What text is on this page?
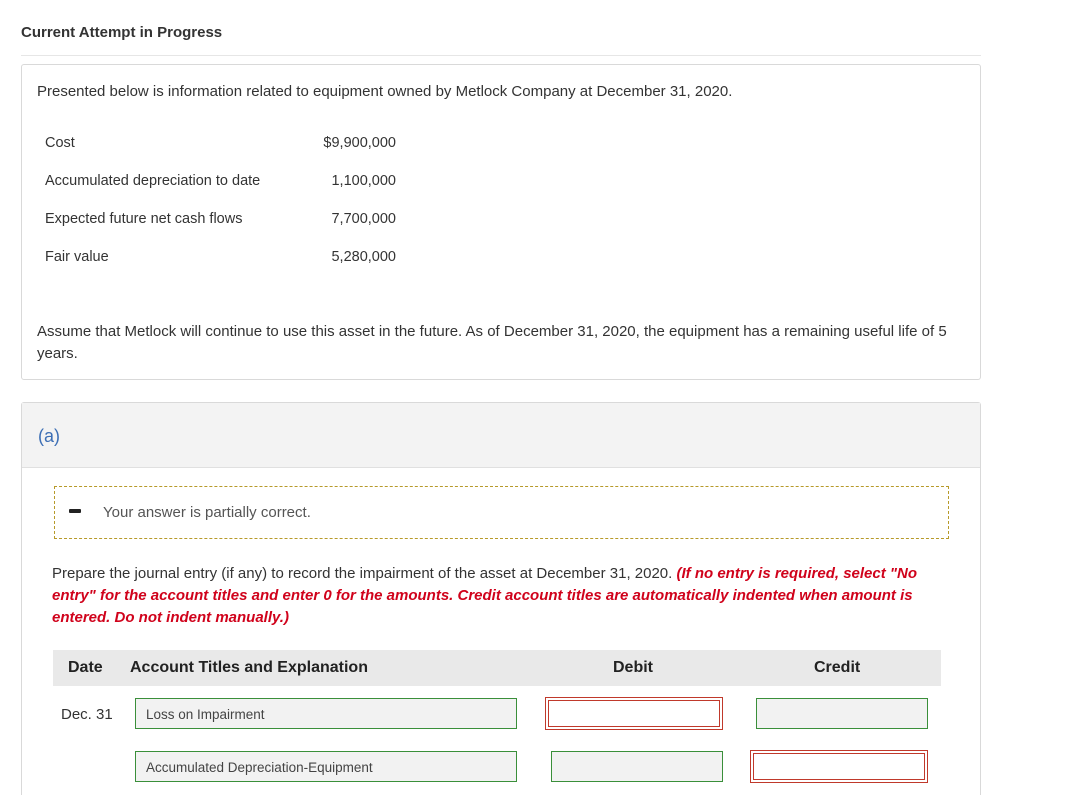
Current Attempt in Progress
Presented below is information related to equipment owned by Metlock Company at December 31, 2020.
Cost	$9,900,000
Accumulated depreciation to date	1,100,000
Expected future net cash flows	7,700,000
Fair value	5,280,000
Assume that Metlock will continue to use this asset in the future. As of December 31, 2020, the equipment has a remaining useful life of 5 years.
(a)
Your answer is partially correct.
Prepare the journal entry (if any) to record the impairment of the asset at December 31, 2020. (If no entry is required, select "No entry" for the account titles and enter 0 for the amounts. Credit account titles are automatically indented when amount is entered. Do not indent manually.)
Date Account Titles and Explanation	Debit	Credit
Dec. 31	Loss on Impairment
Accumulated Depreciation-Equipment
